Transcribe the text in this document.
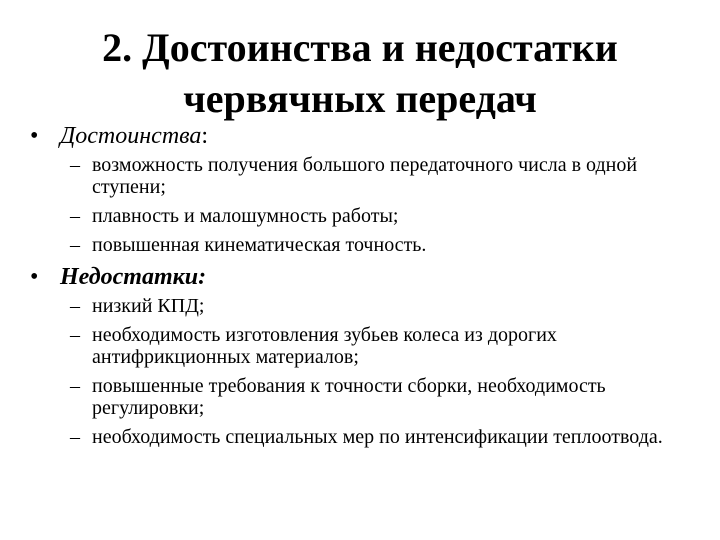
2. Достоинства и недостатки
червячных передач
• Достоинства:
– возможность получения большого передаточного числа в одной ступени;
– плавность и малошумность работы;
– повышенная кинематическая точность.
• Недостатки:
– низкий КПД;
– необходимость изготовления зубьев колеса из дорогих антифрикционных материалов;
– повышенные требования к точности сборки, необходимость регулировки;
– необходимость специальных мер по интенсификации теплоотвода.
